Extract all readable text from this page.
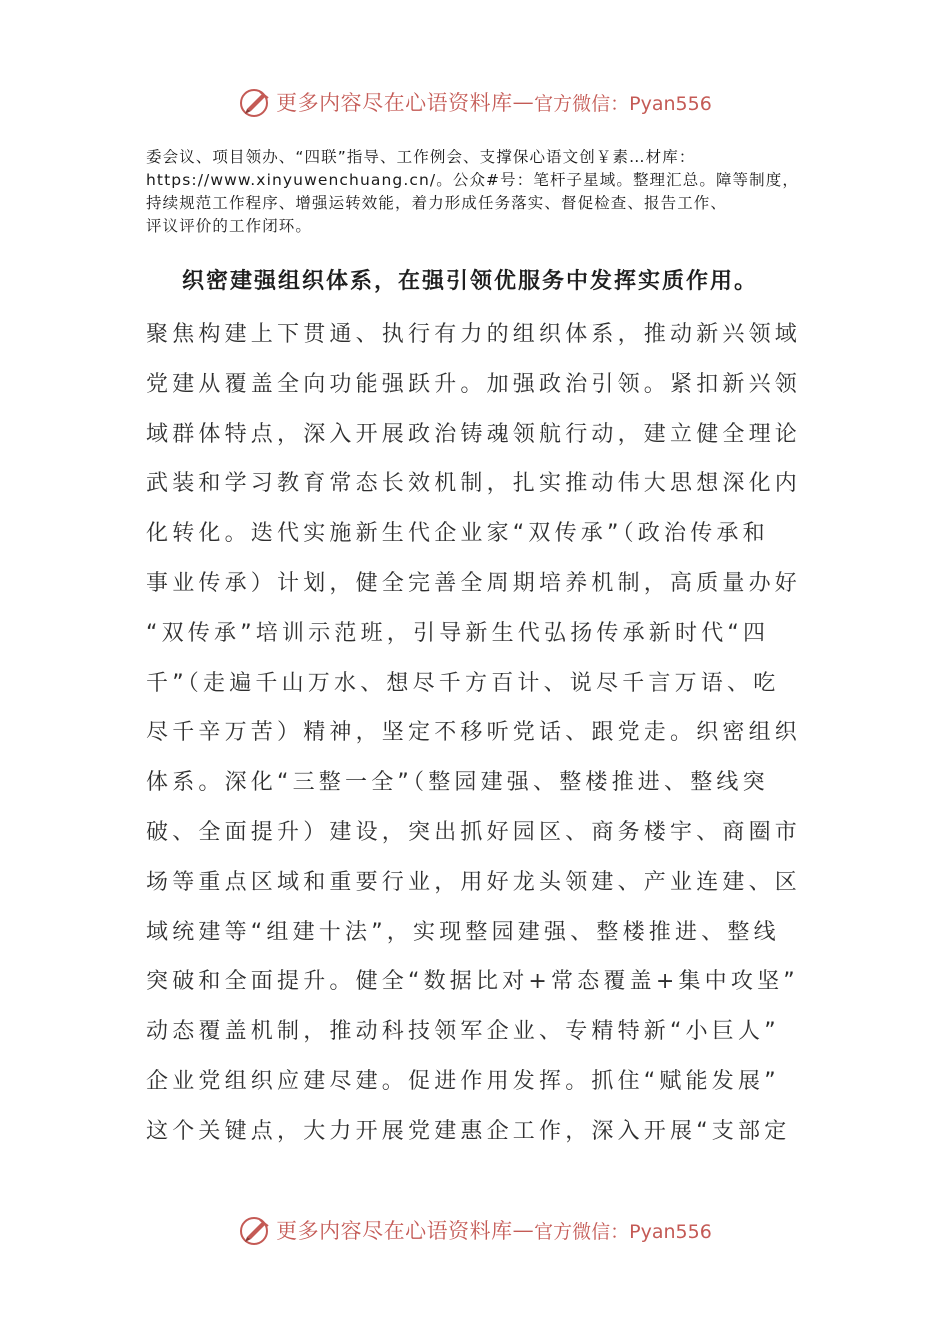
更多内容尽在心语资料库 — 官方微信：Pyan556
委会议、项目领办、“四联”指导、工作例会、支撑保心语文创￥素…材库：
https://www.xinyuwenchuang.cn/。公众#号：笔杆子星域。整理汇总。障等制度，
持续规范工作程序、增强运转效能，着力形成任务落实、督促检查、报告工作、
评议评价的工作闭环。
织密建强组织体系，在强引领优服务中发挥实质作用。
聚焦构建上下贯通、执行有力的组织体系，推动新兴领域
党建从覆盖全向功能强跃升。加强政治引领。紧扣新兴领
域群体特点，深入开展政治铸魂领航行动，建立健全理论
武装和学习教育常态长效机制，扎实推动伟大思想深化内
化转化。迭代实施新生代企业家“双传承”（政治传承和
事业传承）计划，健全完善全周期培养机制，高质量办好
“双传承”培训示范班，引导新生代弘扬传承新时代“四
千”（走遍千山万水、想尽千方百计、说尽千言万语、吃
尽千辛万苦）精神，坚定不移听党话、跟党走。织密组织
体系。深化“三整一全”（整园建强、整楼推进、整线突
破、全面提升）建设，突出抓好园区、商务楼宇、商圈市
场等重点区域和重要行业，用好龙头领建、产业连建、区
域统建等“组建十法”，实现整园建强、整楼推进、整线
突破和全面提升。健全“数据比对+常态覆盖+集中攻坚”
动态覆盖机制，推动科技领军企业、专精特新“小巨人”
企业党组织应建尽建。促进作用发挥。抓住“赋能发展”
这个关键点，大力开展党建惠企工作，深入开展“支部定
更多内容尽在心语资料库 — 官方微信：Pyan556
